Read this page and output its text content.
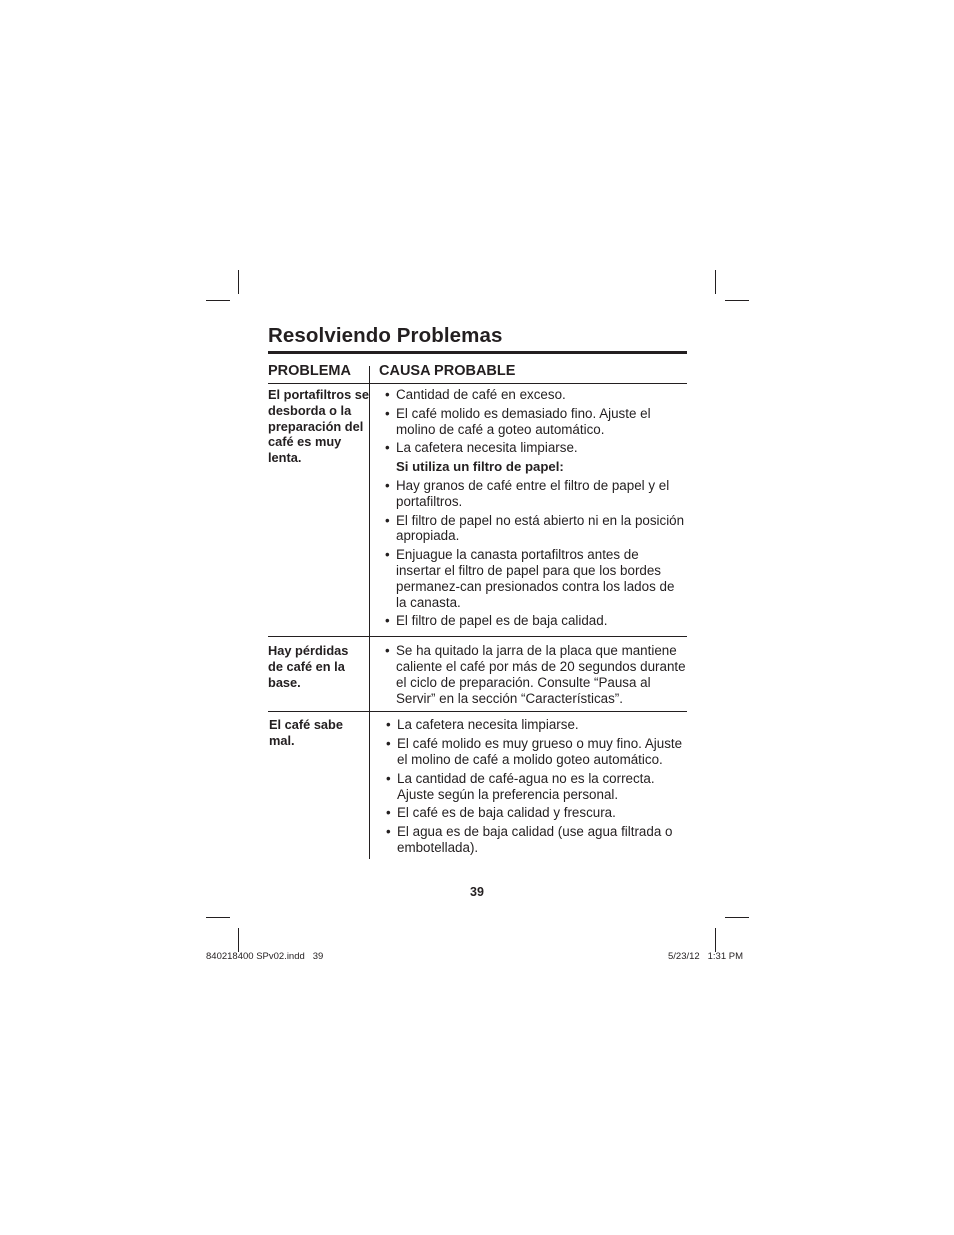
Resolviendo Problemas
PROBLEMA CAUSA PROBABLE
El portafiltros se desborda o la preparación del café es muy lenta.
• Cantidad de café en exceso.
• El café molido es demasiado fino. Ajuste el molino de café a goteo automático.
• La cafetera necesita limpiarse.
Si utiliza un filtro de papel:
• Hay granos de café entre el filtro de papel y el portafiltros.
• El filtro de papel no está abierto ni en la posición apropiada.
• Enjuague la canasta portafiltros antes de insertar el filtro de papel para que los bordes permanez-can presionados contra los lados de la canasta.
• El filtro de papel es de baja calidad.
Hay pérdidas de café en la base.
• Se ha quitado la jarra de la placa que mantiene caliente el café por más de 20 segundos durante el ciclo de preparación. Consulte “Pausa al Servir” en la sección “Características”.
El café sabe mal.
• La cafetera necesita limpiarse.
• El café molido es muy grueso o muy fino. Ajuste el molino de café a molido goteo automático.
• La cantidad de café-agua no es la correcta. Ajuste según la preferencia personal.
• El café es de baja calidad y frescura.
• El agua es de baja calidad (use agua filtrada o embotellada).
39
840218400 SPv02.indd   39	5/23/12   1:31 PM
